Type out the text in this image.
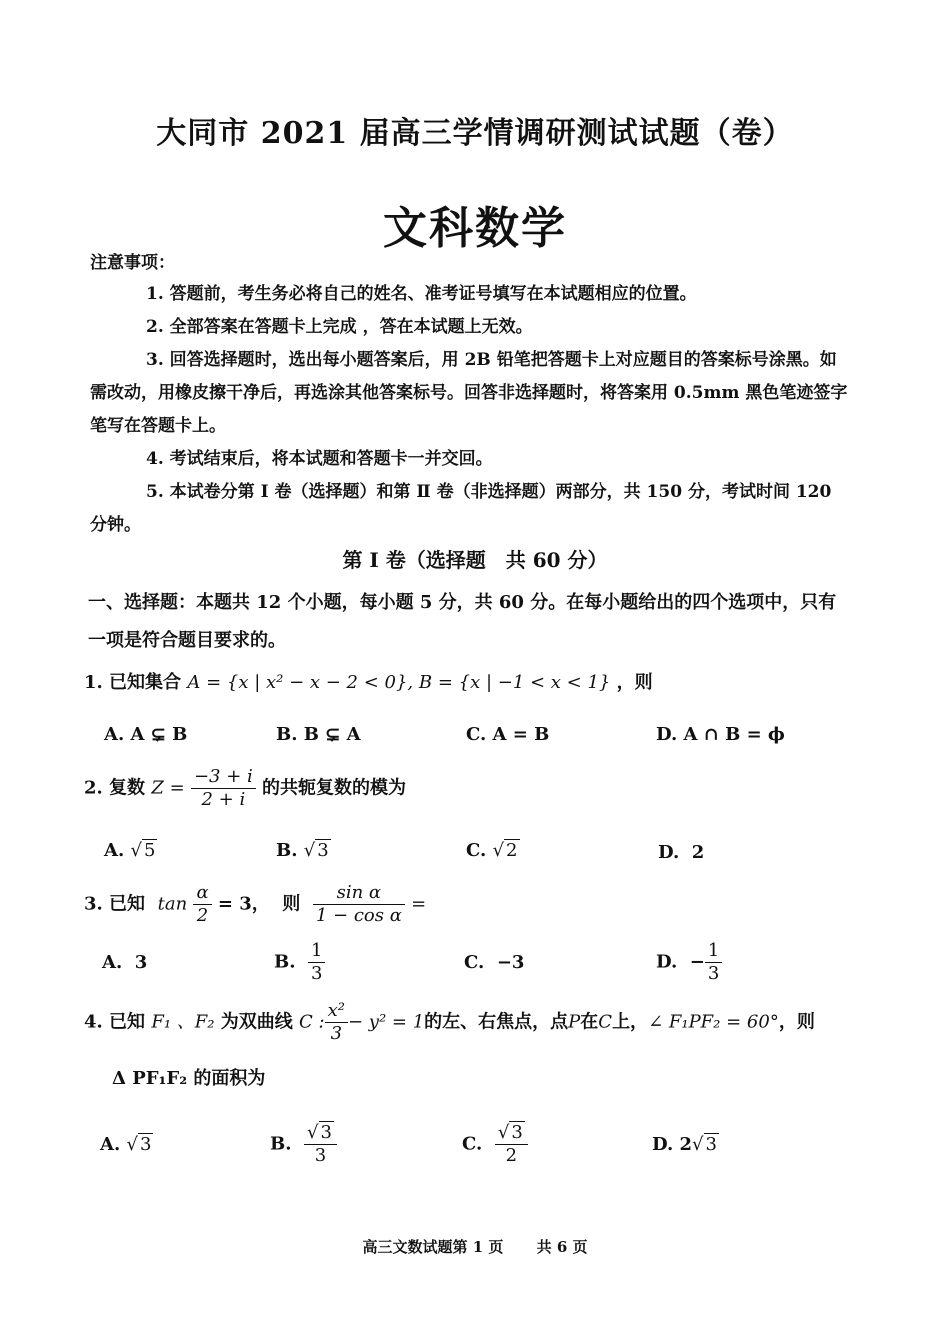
大同市 2021 届高三学情调研测试试题（卷）
文科数学
注意事项：
1. 答题前，考生务必将自己的姓名、准考证号填写在本试题相应的位置。
2. 全部答案在答题卡上完成 ，答在本试题上无效。
3. 回答选择题时，选出每小题答案后，用 2B 铅笔把答题卡上对应题目的答案标号涂黑。如需改动，用橡皮擦干净后，再选涂其他答案标号。回答非选择题时，将答案用 0.5mm 黑色笔迹签字笔写在答题卡上。
4. 考试结束后，将本试题和答题卡一并交回。
5. 本试卷分第 Ⅰ 卷（选择题）和第 Ⅱ 卷（非选择题）两部分，共 150 分，考试时间 120 分钟。
第 Ⅰ 卷（选择题　共 60 分）
一、选择题：本题共 12 个小题，每小题 5 分，共 60 分。在每小题给出的四个选项中，只有一项是符合题目要求的。
1. 已知集合 A = {x | x² − x − 2 < 0}, B = {x | −1 < x < 1} ，则
A. A ⊊ B	B. B ⊊ A	C. A = B	D. A ∩ B = ϕ
2. 复数 $Z = \frac{-3 + i}{2 + i}$ 的共轭复数的模为
A. √ 5	B. √ 3	C. √ 2	D. 2
3. 已知 $\tan \frac{\alpha}{2} = 3$， 则 $\frac{\text{sin α}}{\text{1 − cos α}}$ =
A. 3	B. $\frac{1}{3}$	C. −3	D. − $\frac{1}{3}$
4. 已知 F₁ 、F₂ 为双曲线 C : $\frac{\text{x²}}{3} - y^2 = 1$的左、右焦点，点P在C上，∠ F₁PF₂ = 60°，则
Δ PF₁F₂ 的面积为
A. √ 3	B. $\frac{√ 3}{3}$	C. $\frac{√ 3}{2}$	D. 2√ 3
高三文数试题第 1 页 共 6 页
